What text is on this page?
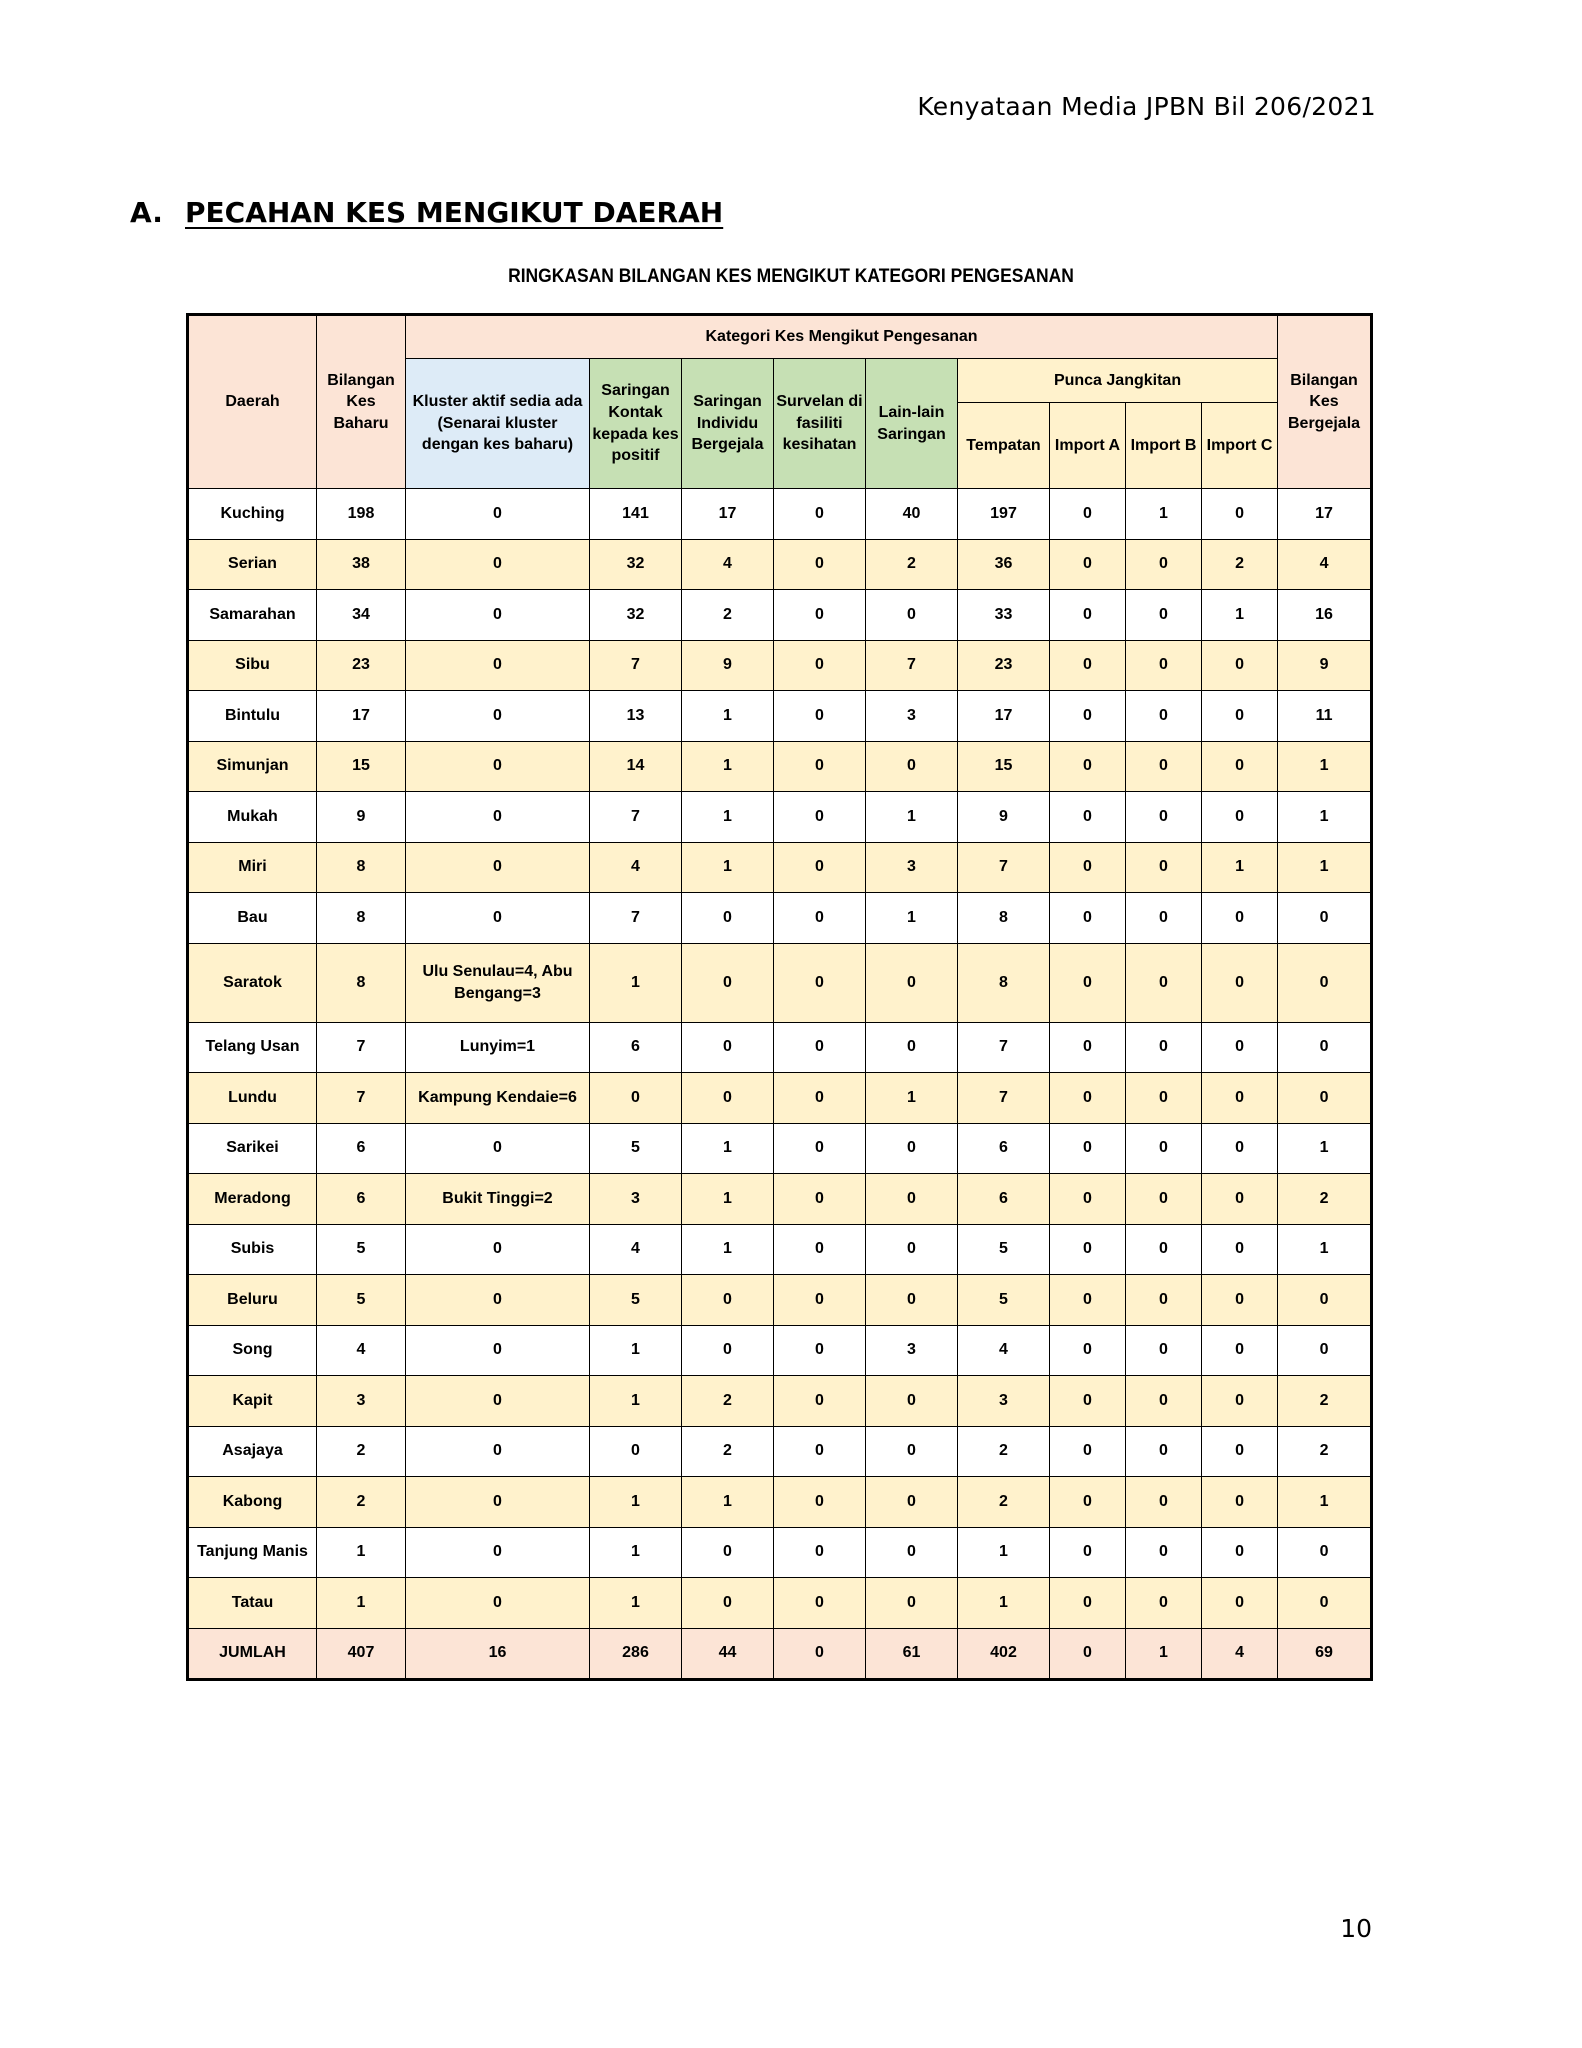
Kenyataan Media JPBN Bil 206/2021
A. PECAHAN KES MENGIKUT DAERAH
RINGKASAN BILANGAN KES MENGIKUT KATEGORI PENGESANAN
Daerah	Bilangan Kes Baharu	Kategori Kes Mengikut Pengesanan									Bilangan Kes Bergejala
		Kluster aktif sedia ada (Senarai kluster dengan kes baharu)	Saringan Kontak kepada kes positif	Saringan Individu Bergejala	Survelan di fasiliti kesihatan	Lain-lain Saringan	Punca Jangkitan				
							Tempatan	Import A	Import B	Import C	
Kuching	198	0	141	17	0	40	197	0	1	0	17
Serian	38	0	32	4	0	2	36	0	0	2	4
Samarahan	34	0	32	2	0	0	33	0	0	1	16
Sibu	23	0	7	9	0	7	23	0	0	0	9
Bintulu	17	0	13	1	0	3	17	0	0	0	11
Simunjan	15	0	14	1	0	0	15	0	0	0	1
Mukah	9	0	7	1	0	1	9	0	0	0	1
Miri	8	0	4	1	0	3	7	0	0	1	1
Bau	8	0	7	0	0	1	8	0	0	0	0
Saratok	8	Ulu Senulau=4, Abu Bengang=3	1	0	0	0	8	0	0	0	0
Telang Usan	7	Lunyim=1	6	0	0	0	7	0	0	0	0
Lundu	7	Kampung Kendaie=6	0	0	0	1	7	0	0	0	0
Sarikei	6	0	5	1	0	0	6	0	0	0	1
Meradong	6	Bukit Tinggi=2	3	1	0	0	6	0	0	0	2
Subis	5	0	4	1	0	0	5	0	0	0	1
Beluru	5	0	5	0	0	0	5	0	0	0	0
Song	4	0	1	0	0	3	4	0	0	0	0
Kapit	3	0	1	2	0	0	3	0	0	0	2
Asajaya	2	0	0	2	0	0	2	0	0	0	2
Kabong	2	0	1	1	0	0	2	0	0	0	1
Tanjung Manis	1	0	1	0	0	0	1	0	0	0	0
Tatau	1	0	1	0	0	0	1	0	0	0	0
JUMLAH	407	16	286	44	0	61	402	0	1	4	69
10
